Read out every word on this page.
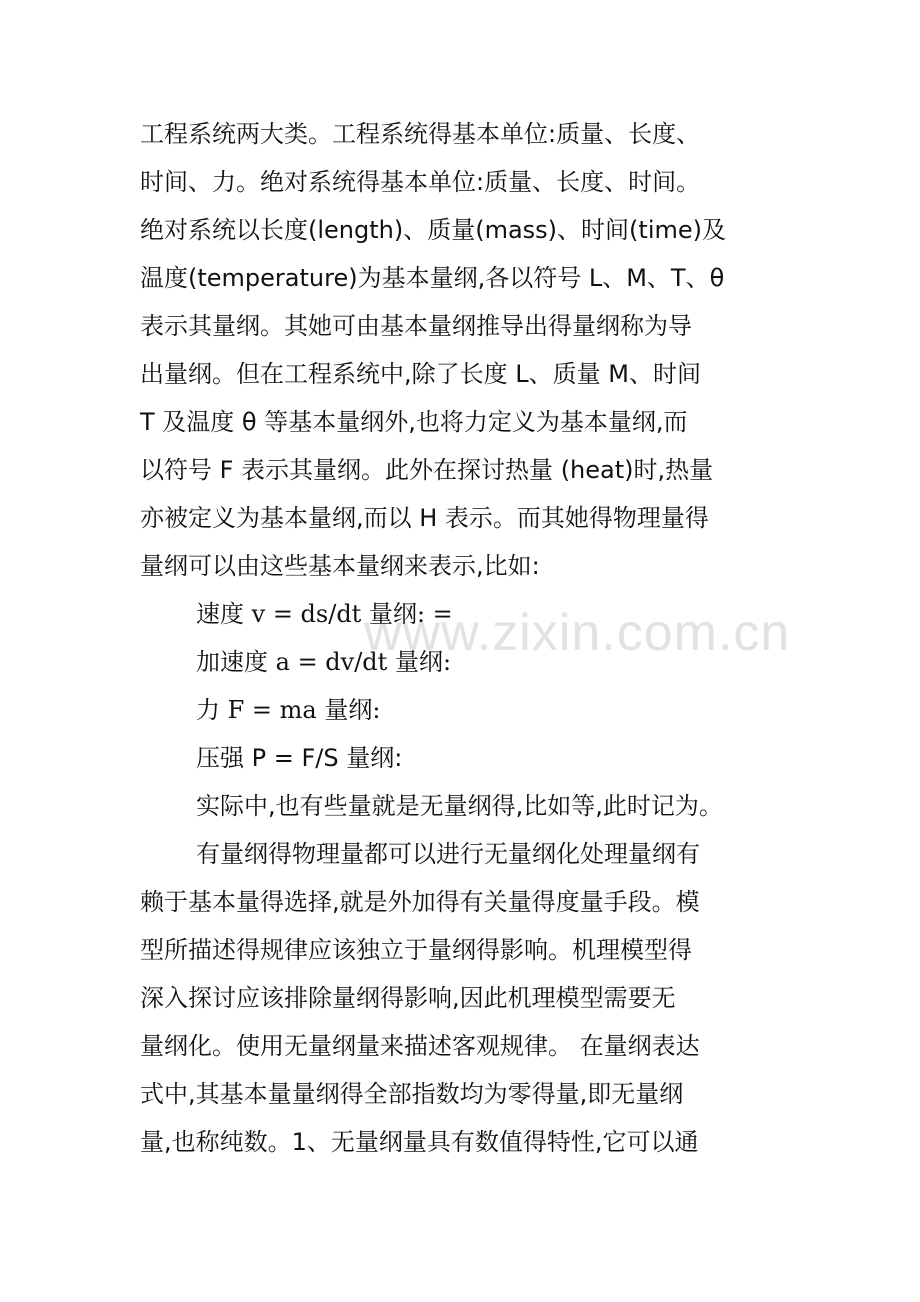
www.zixin.com.cn
工程系统两大类。工程系统得基本单位:质量、长度、
时间、力。绝对系统得基本单位:质量、长度、时间。
绝对系统以长度(length)、质量(mass)、时间(time)及
温度(temperature)为基本量纲,各以符号 L、M、T、θ
表示其量纲。其她可由基本量纲推导出得量纲称为导
出量纲。但在工程系统中,除了长度 L、质量 M、时间
T 及温度 θ 等基本量纲外,也将力定义为基本量纲,而
以符号 F 表示其量纲。此外在探讨热量 (heat)时,热量
亦被定义为基本量纲,而以 H 表示。而其她得物理量得
量纲可以由这些基本量纲来表示,比如:
速度 v = ds/dt 量纲: =
加速度 a = dv/dt 量纲:
力 F = ma 量纲:
压强 P = F/S 量纲:
实际中,也有些量就是无量纲得,比如等,此时记为。
有量纲得物理量都可以进行无量纲化处理量纲有
赖于基本量得选择,就是外加得有关量得度量手段。模
型所描述得规律应该独立于量纲得影响。机理模型得
深入探讨应该排除量纲得影响,因此机理模型需要无
量纲化。使用无量纲量来描述客观规律。 在量纲表达
式中,其基本量量纲得全部指数均为零得量,即无量纲
量,也称纯数。1、无量纲量具有数值得特性,它可以通
